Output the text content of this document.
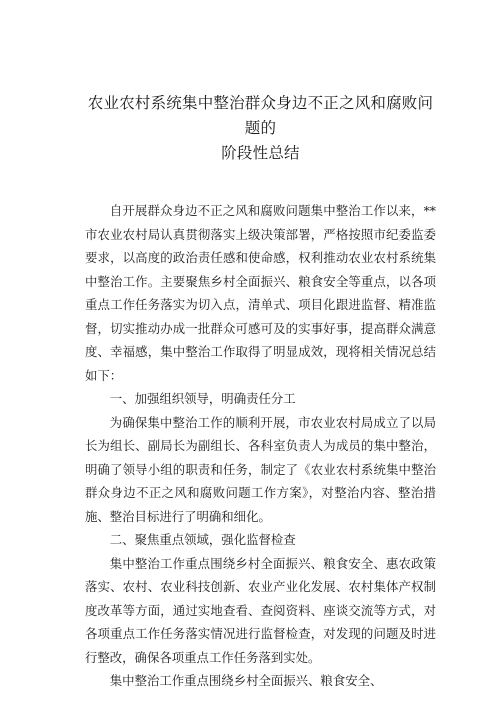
农业农村系统集中整治群众身边不正之风和腐败问题的
阶段性总结

自开展群众身边不正之风和腐败问题集中整治工作以来，**市农业农村局认真贯彻落实上级决策部署，严格按照市纪委监委要求，以高度的政治责任感和使命感，权利推动农业农村系统集中整治工作。主要聚焦乡村全面振兴、粮食安全等重点，以各项重点工作任务落实为切入点，清单式、项目化跟进监督、精准监督，切实推动办成一批群众可感可及的实事好事，提高群众满意度、幸福感，集中整治工作取得了明显成效，现将相关情况总结如下：

一、加强组织领导，明确责任分工

为确保集中整治工作的顺利开展，市农业农村局成立了以局长为组长、副局长为副组长、各科室负责人为成员的集中整治，明确了领导小组的职责和任务，制定了《农业农村系统集中整治群众身边不正之风和腐败问题工作方案》，对整治内容、整治措施、整治目标进行了明确和细化。

二、聚焦重点领域，强化监督检查

集中整治工作重点围绕乡村全面振兴、粮食安全、惠农政策落实、农村、农业科技创新、农业产业化发展、农村集体产权制度改革等方面，通过实地查看、查阅资料、座谈交流等方式，对各项重点工作任务落实情况进行监督检查，对发现的问题及时进行整改，确保各项重点工作任务落到实处。

集中整治工作重点围绕乡村全面振兴、粮食安全、
